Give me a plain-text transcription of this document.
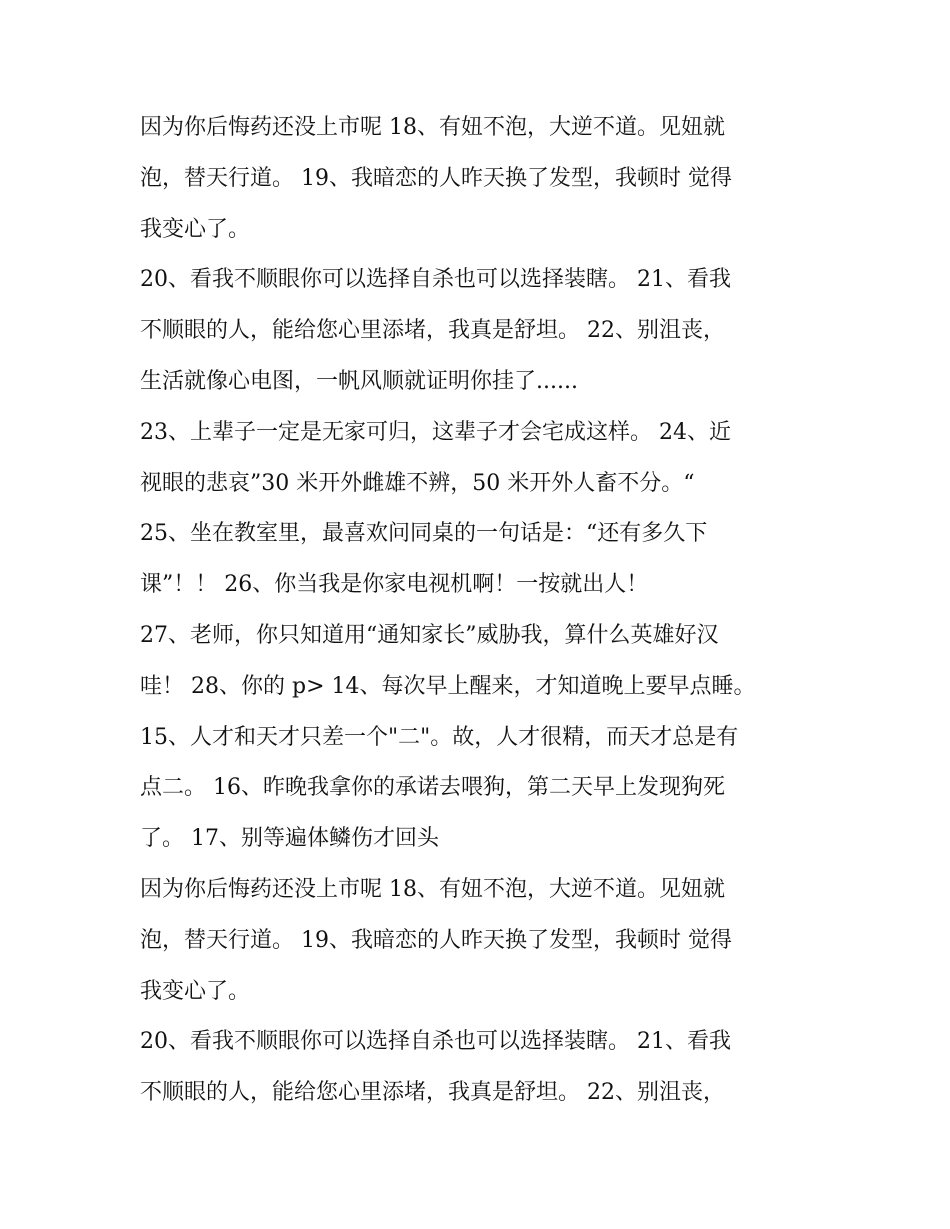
因为你后悔药还没上市呢 18、有妞不泡，大逆不道。见妞就
泡，替天行道。 19、我暗恋的人昨天换了发型，我顿时 觉得
我变心了。
20、看我不顺眼你可以选择自杀也可以选择装瞎。 21、看我
不顺眼的人，能给您心里添堵，我真是舒坦。 22、别沮丧，
生活就像心电图，一帆风顺就证明你挂了......
23、上辈子一定是无家可归，这辈子才会宅成这样。 24、近
视眼的悲哀”30 米开外雌雄不辨，50 米开外人畜不分。“
25、坐在教室里，最喜欢问同桌的一句话是：“还有多久下
课”！！ 26、你当我是你家电视机啊！一按就出人！
27、老师，你只知道用“通知家长”威胁我，算什么英雄好汉
哇！ 28、你的 p> 14、每次早上醒来，才知道晚上要早点睡。
15、人才和天才只差一个"二"。故，人才很精，而天才总是有
点二。 16、昨晚我拿你的承诺去喂狗，第二天早上发现狗死
了。 17、别等遍体鳞伤才回头
因为你后悔药还没上市呢 18、有妞不泡，大逆不道。见妞就
泡，替天行道。 19、我暗恋的人昨天换了发型，我顿时 觉得
我变心了。
20、看我不顺眼你可以选择自杀也可以选择装瞎。 21、看我
不顺眼的人，能给您心里添堵，我真是舒坦。 22、别沮丧，
